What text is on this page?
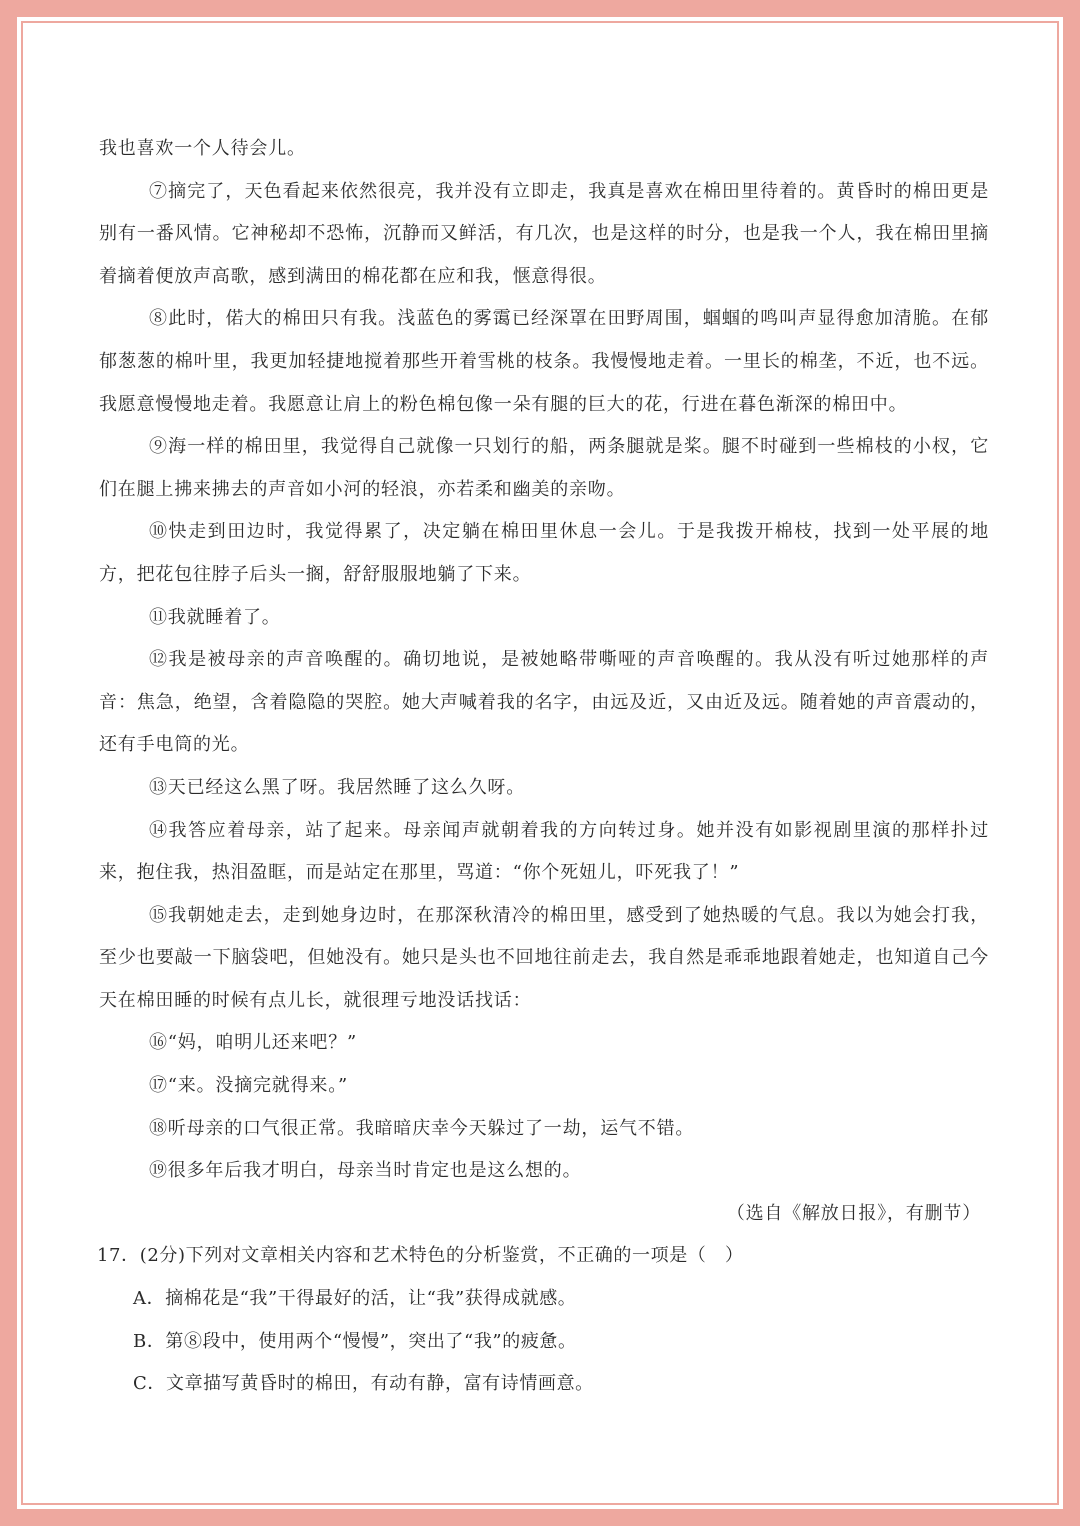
我也喜欢一个人待会儿。

⑦摘完了，天色看起来依然很亮，我并没有立即走，我真是喜欢在棉田里待着的。黄昏时的棉田更是别有一番风情。它神秘却不恐怖，沉静而又鲜活，有几次，也是这样的时分，也是我一个人，我在棉田里摘着摘着便放声高歌，感到满田的棉花都在应和我，惬意得很。

⑧此时，偌大的棉田只有我。浅蓝色的雾霭已经深罩在田野周围，蝈蝈的鸣叫声显得愈加清脆。在郁郁葱葱的棉叶里，我更加轻捷地搅着那些开着雪桃的枝条。我慢慢地走着。一里长的棉垄，不近，也不远。我愿意慢慢地走着。我愿意让肩上的粉色棉包像一朵有腿的巨大的花，行进在暮色渐深的棉田中。

⑨海一样的棉田里，我觉得自己就像一只划行的船，两条腿就是桨。腿不时碰到一些棉枝的小杈，它们在腿上拂来拂去的声音如小河的轻浪，亦若柔和幽美的亲吻。

⑩快走到田边时，我觉得累了，决定躺在棉田里休息一会儿。于是我拨开棉枝，找到一处平展的地方，把花包往脖子后头一搁，舒舒服服地躺了下来。

⑪我就睡着了。

⑫我是被母亲的声音唤醒的。确切地说，是被她略带嘶哑的声音唤醒的。我从没有听过她那样的声音：焦急，绝望，含着隐隐的哭腔。她大声喊着我的名字，由远及近，又由近及远。随着她的声音震动的，还有手电筒的光。

⑬天已经这么黑了呀。我居然睡了这么久呀。

⑭我答应着母亲，站了起来。母亲闻声就朝着我的方向转过身。她并没有如影视剧里演的那样扑过来，抱住我，热泪盈眶，而是站定在那里，骂道：“你个死妞儿，吓死我了！”

⑮我朝她走去，走到她身边时，在那深秋清冷的棉田里，感受到了她热暖的气息。我以为她会打我，至少也要敲一下脑袋吧，但她没有。她只是头也不回地往前走去，我自然是乖乖地跟着她走，也知道自己今天在棉田睡的时候有点儿长，就很理亏地没话找话：

⑯“妈，咱明儿还来吧？”

⑰“来。没摘完就得来。”

⑱听母亲的口气很正常。我暗暗庆幸今天躲过了一劫，运气不错。

⑲很多年后我才明白，母亲当时肯定也是这么想的。

（选自《解放日报》，有删节）

17．(2分)下列对文章相关内容和艺术特色的分析鉴赏，不正确的一项是（　）

A．摘棉花是“我”干得最好的活，让“我”获得成就感。

B．第⑧段中，使用两个“慢慢”，突出了“我”的疲惫。

C．文章描写黄昏时的棉田，有动有静，富有诗情画意。
